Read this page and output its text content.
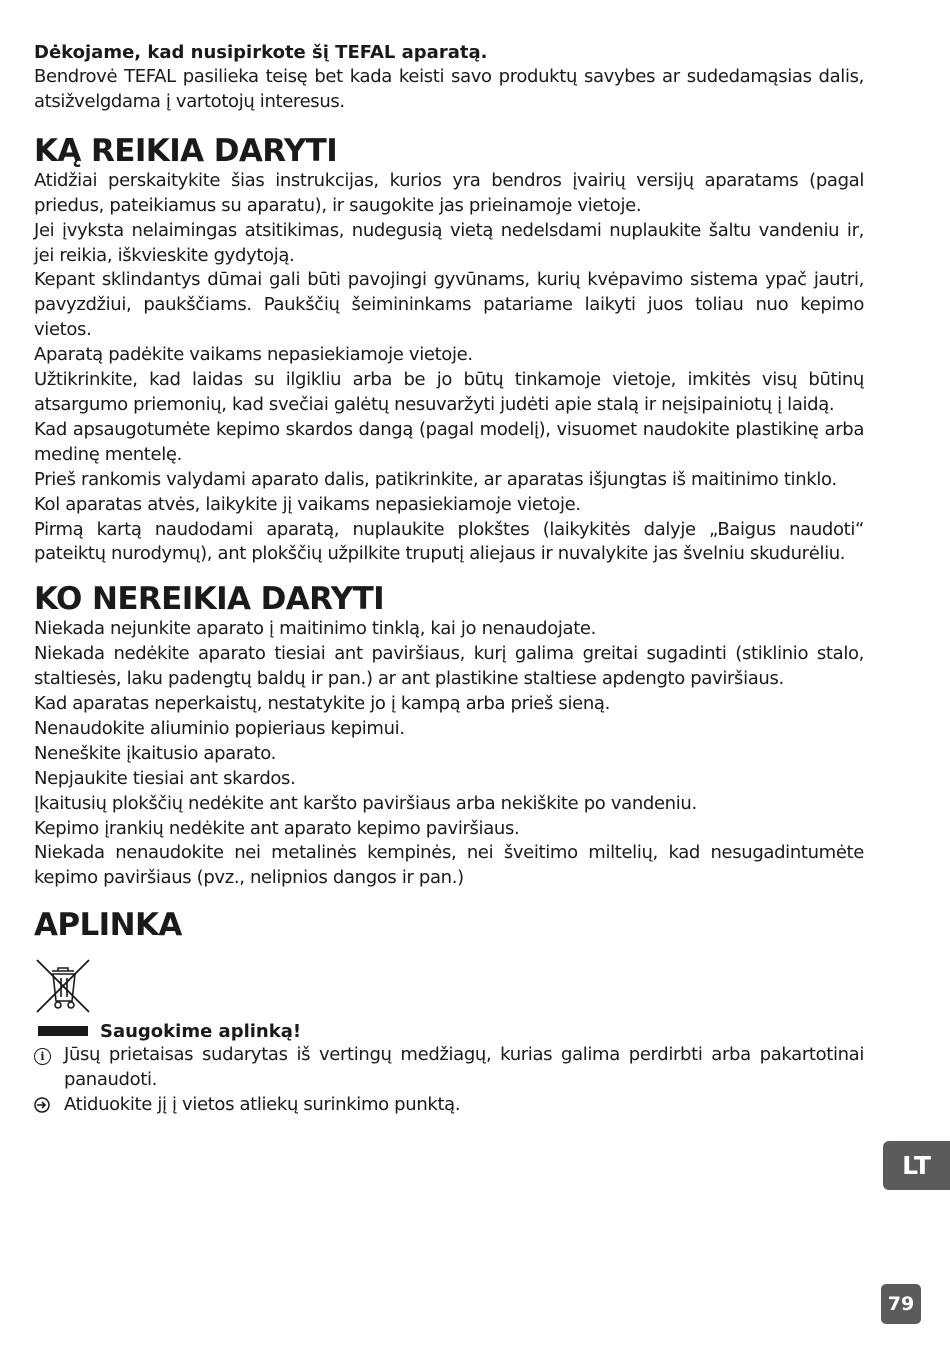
Dėkojame, kad nusipirkote šį TEFAL aparatą.

Bendrovė TEFAL pasilieka teisę bet kada keisti savo produktų savybes ar sudedamąsias dalis, atsižvelgdama į vartotojų interesus.

KĄ REIKIA DARYTI

Atidžiai perskaitykite šias instrukcijas, kurios yra bendros įvairių versijų aparatams (pagal priedus, pateikiamus su aparatu), ir saugokite jas prieinamoje vietoje.

Jei įvyksta nelaimingas atsitikimas, nudegusią vietą nedelsdami nuplaukite šaltu vandeniu ir, jei reikia, iškvieskite gydytoją.

Kepant sklindantys dūmai gali būti pavojingi gyvūnams, kurių kvėpavimo sistema ypač jautri, pavyzdžiui, paukščiams. Paukščių šeimininkams patariame laikyti juos toliau nuo kepimo vietos.

Aparatą padėkite vaikams nepasiekiamoje vietoje.

Užtikrinkite, kad laidas su ilgikliu arba be jo būtų tinkamoje vietoje, imkitės visų būtinų atsargumo priemonių, kad svečiai galėtų nesuvaržyti judėti apie stalą ir neįsipainiotų į laidą.

Kad apsaugotumėte kepimo skardos dangą (pagal modelį), visuomet naudokite plastikinę arba medinę mentelę.

Prieš rankomis valydami aparato dalis, patikrinkite, ar aparatas išjungtas iš maitinimo tinklo.

Kol aparatas atvės, laikykite jį vaikams nepasiekiamoje vietoje.

Pirmą kartą naudodami aparatą, nuplaukite plokštes (laikykitės dalyje „Baigus naudoti“ pateiktų nurodymų), ant plokščių užpilkite truputį aliejaus ir nuvalykite jas švelniu skudurėliu.

KO NEREIKIA DARYTI

Niekada nejunkite aparato į maitinimo tinklą, kai jo nenaudojate.

Niekada nedėkite aparato tiesiai ant paviršiaus, kurį galima greitai sugadinti (stiklinio stalo, staltiesės, laku padengtų baldų ir pan.) ar ant plastikine staltiese apdengto paviršiaus.

Kad aparatas neperkaistų, nestatykite jo į kampą arba prieš sieną.

Nenaudokite aliuminio popieriaus kepimui.

Neneškite įkaitusio aparato.

Nepjaukite tiesiai ant skardos.

Įkaitusių plokščių nedėkite ant karšto paviršiaus arba nekiškite po vandeniu.

Kepimo įrankių nedėkite ant aparato kepimo paviršiaus.

Niekada nenaudokite nei metalinės kempinės, nei šveitimo miltelių, kad nesugadintumėte kepimo paviršiaus (pvz., nelipnios dangos ir pan.)

APLINKA
Saugokime aplinką!
i	Jūsų prietaisas sudarytas iš vertingų medžiagų, kurias galima perdirbti arba pakartotinai panaudoti.

Atiduokite jį į vietos atliekų surinkimo punktą.

LT
79
